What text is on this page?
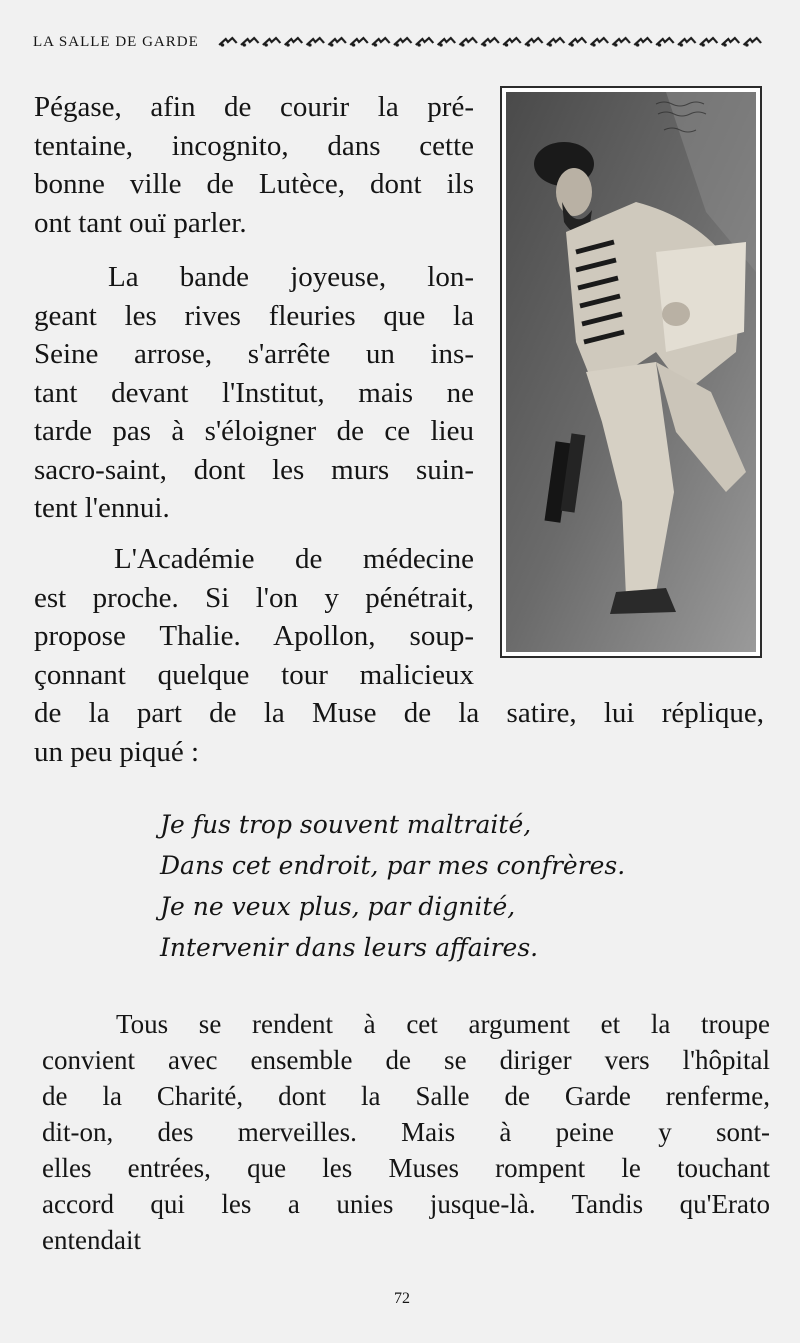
LA SALLE DE GARDE

Pégase, afin de courir la pré-
tentaine, incognito, dans cette
bonne ville de Lutèce, dont ils
ont tant ouï parler.

La bande joyeuse, lon-
geant les rives fleuries que la
Seine arrose, s'arrête un ins-
tant devant l'Institut, mais ne
tarde pas à s'éloigner de ce lieu
sacro-saint, dont les murs suin-
tent l'ennui.

L'Académie de médecine
est proche. Si l'on y pénétrait,
propose Thalie. Apollon, soup-
çonnant quelque tour malicieux

de la part de la Muse de la satire, lui réplique,
un peu piqué :

Je fus trop souvent maltraité,
Dans cet endroit, par mes confrères.
Je ne veux plus, par dignité,
Intervenir dans leurs affaires.

Tous se rendent à cet argument et la troupe
convient avec ensemble de se diriger vers l'hôpital
de la Charité, dont la Salle de Garde renferme,
dit-on, des merveilles. Mais à peine y sont-
elles entrées, que les Muses rompent le touchant
accord qui les a unies jusque-là. Tandis qu'Erato
entendait

72
